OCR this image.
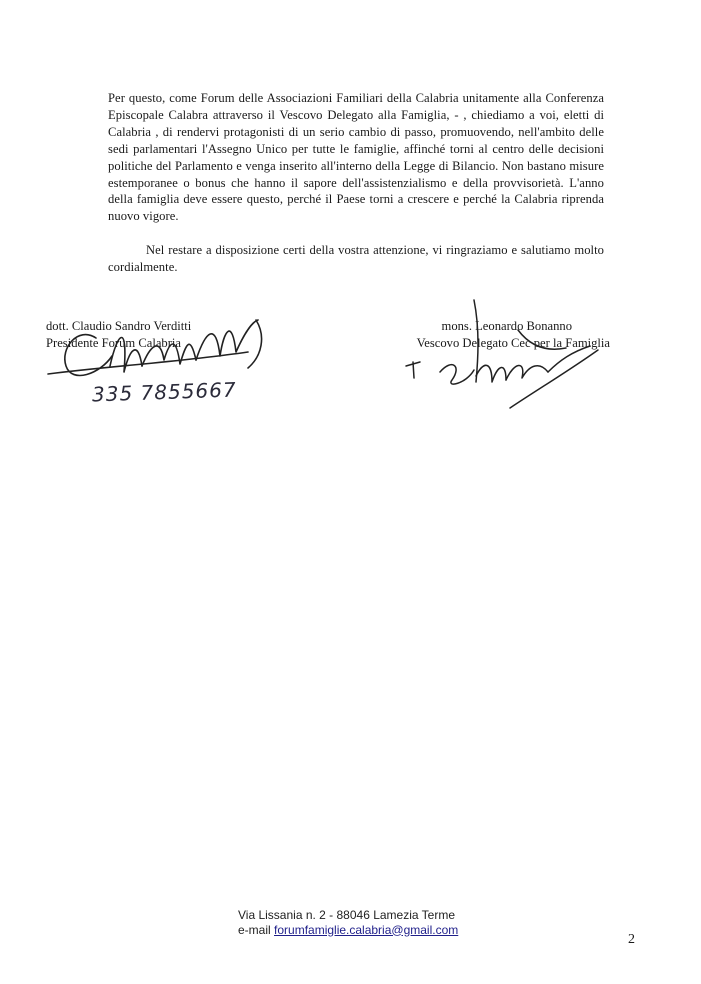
Per questo, come Forum delle Associazioni Familiari della Calabria unitamente alla Conferenza Episcopale Calabra attraverso il Vescovo Delegato alla Famiglia, - , chiediamo a voi, eletti di Calabria , di rendervi protagonisti di un serio cambio di passo, promuovendo, nell'ambito delle sedi parlamentari l'Assegno Unico per tutte le famiglie, affinché torni al centro delle decisioni politiche del Parlamento e venga inserito all'interno della Legge di Bilancio. Non bastano misure estemporanee o bonus che hanno il sapore dell'assistenzialismo e della provvisorietà. L'anno della famiglia deve essere questo, perché il Paese torni a crescere e perché la Calabria riprenda nuovo vigore.

Nel restare a disposizione certi della vostra attenzione, vi ringraziamo e salutiamo molto cordialmente.

dott. Claudio Sandro Verditti
Presidente Forum Calabria
mons. Leonardo Bonanno
Vescovo Delegato Cec per la Famiglia
335 7855667
Via Lissania n. 2 - 88046 Lamezia Terme
e-mail forumfamiglie.calabria@gmail.com
2
